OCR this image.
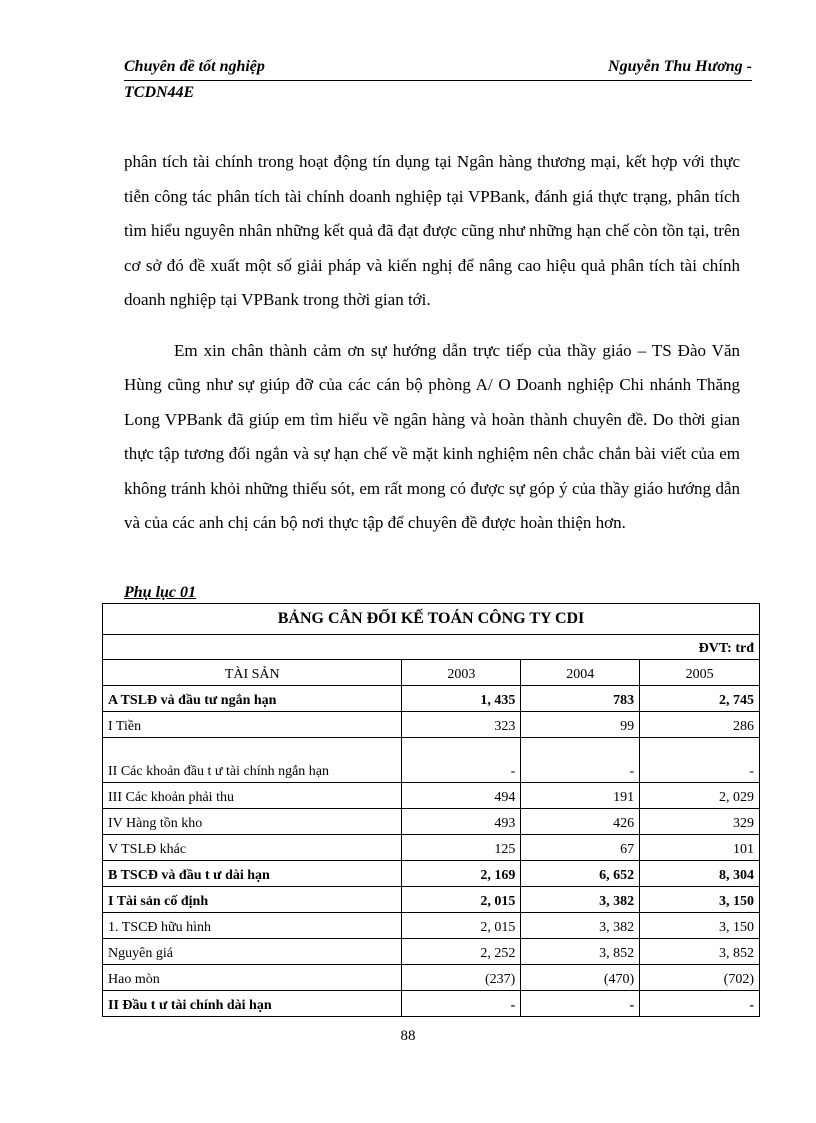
Chuyên đề tốt nghiệp	Nguyễn Thu Hương -
TCDN44E

phân tích tài chính trong hoạt động tín dụng tại Ngân hàng thương mại, kết hợp với thực tiễn công tác phân tích tài chính doanh nghiệp tại VPBank, đánh giá thực trạng, phân tích tìm hiểu nguyên nhân những kết quả đã đạt được cũng như những hạn chế còn tồn tại, trên cơ sở đó đề xuất một số giải pháp và kiến nghị để nâng cao hiệu quả phân tích tài chính doanh nghiệp tại VPBank trong thời gian tới.

Em xin chân thành cảm ơn sự hướng dẫn trực tiếp của thầy giáo – TS Đào Văn Hùng cũng như sự giúp đỡ của các cán bộ phòng A/ O Doanh nghiệp Chi nhánh Thăng Long VPBank đã giúp em tìm hiểu về ngân hàng và hoàn thành chuyên đề. Do thời gian thực tập tương đối ngắn và sự hạn chế về mặt kinh nghiệm nên chắc chắn bài viết của em không tránh khỏi những thiếu sót, em rất mong có được sự góp ý của thầy giáo hướng dẫn và của các anh chị cán bộ nơi thực tập để chuyên đề được hoàn thiện hơn.

Phụ lục 01
BẢNG CÂN ĐỐI KẾ TOÁN CÔNG TY CDI			
ĐVT: trđ			
TÀI SẢN	2003	2004	2005
A TSLĐ và đầu tư ngắn hạn	1, 435	783	2, 745
I Tiền	323	99	286
II Các khoản đầu t ư tài chính ngắn hạn	-	-	-
III Các khoản phải thu	494	191	2, 029
IV Hàng tồn kho	493	426	329
V TSLĐ khác	125	67	101
B TSCĐ và đầu t ư dài hạn	2, 169	6, 652	8, 304
I Tài sản cố định	2, 015	3, 382	3, 150
1. TSCĐ hữu hình	2, 015	3, 382	3, 150
Nguyên giá	2, 252	3, 852	3, 852
Hao mòn	(237)	(470)	(702)
II Đầu t ư tài chính dài hạn	-	-	-
88
